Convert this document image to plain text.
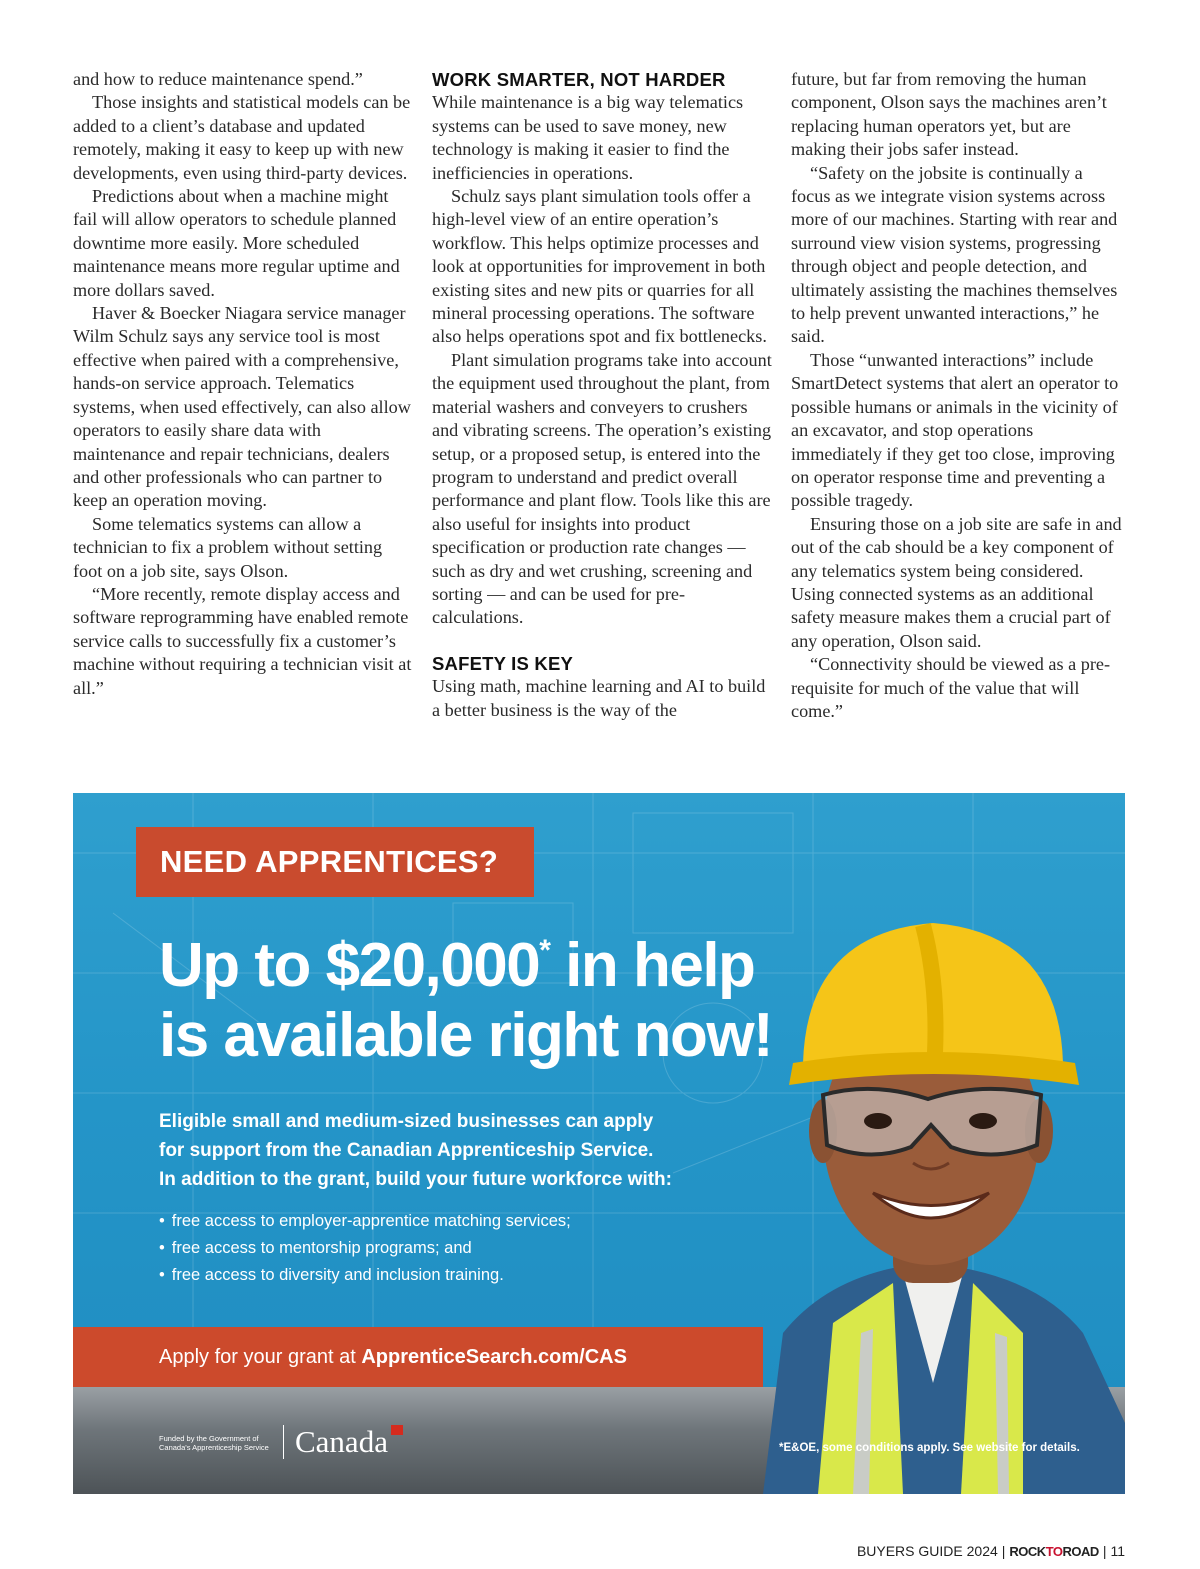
and how to reduce maintenance spend.”

Those insights and statistical models can be added to a client’s database and updated remotely, making it easy to keep up with new developments, even using third-party devices.

Predictions about when a machine might fail will allow operators to schedule planned downtime more easily. More scheduled maintenance means more regular uptime and more dollars saved.

Haver & Boecker Niagara service manager Wilm Schulz says any service tool is most effective when paired with a comprehensive, hands-on service approach. Telematics systems, when used effectively, can also allow operators to easily share data with maintenance and repair technicians, dealers and other professionals who can partner to keep an operation moving.

Some telematics systems can allow a technician to fix a problem without setting foot on a job site, says Olson.

“More recently, remote display access and software reprogramming have enabled remote service calls to successfully fix a customer’s machine without requiring a technician visit at all.”

WORK SMARTER, NOT HARDER

While maintenance is a big way telematics systems can be used to save money, new technology is making it easier to find the inefficiencies in operations.

Schulz says plant simulation tools offer a high-level view of an entire operation’s workflow. This helps optimize processes and look at opportunities for improvement in both existing sites and new pits or quarries for all mineral processing operations. The software also helps operations spot and fix bottlenecks.

Plant simulation programs take into account the equipment used throughout the plant, from material washers and conveyers to crushers and vibrating screens. The operation’s existing setup, or a proposed setup, is entered into the program to understand and predict overall performance and plant flow. Tools like this are also useful for insights into product specification or production rate changes — such as dry and wet crushing, screening and sorting — and can be used for pre-calculations.

SAFETY IS KEY

Using math, machine learning and AI to build a better business is the way of the

future, but far from removing the human component, Olson says the machines aren’t replacing human operators yet, but are making their jobs safer instead.

“Safety on the jobsite is continually a focus as we integrate vision systems across more of our machines. Starting with rear and surround view vision systems, progressing through object and people detection, and ultimately assisting the machines themselves to help prevent unwanted interactions,” he said.

Those “unwanted interactions” include SmartDetect systems that alert an operator to possible humans or animals in the vicinity of an excavator, and stop operations immediately if they get too close, improving on operator response time and preventing a possible tragedy.

Ensuring those on a job site are safe in and out of the cab should be a key component of any telematics system being considered. Using connected systems as an additional safety measure makes them a crucial part of any operation, Olson said.

“Connectivity should be viewed as a pre-requisite for much of the value that will come.”

NEED APPRENTICES?
Up to $20,000* in help
is available right now!

Eligible small and medium-sized businesses can apply

for support from the Canadian Apprenticeship Service.

In addition to the grant, build your future workforce with:

• free access to employer-apprentice matching services;
• free access to mentorship programs; and
• free access to diversity and inclusion training.
Apply for your grant at ApprenticeSearch.com/CAS
Funded by the Government of Canada's Apprenticeship Service Canada	*E&OE, some conditions apply. See website for details.
BUYERS GUIDE 2024 | ROCKTOROAD | 11
